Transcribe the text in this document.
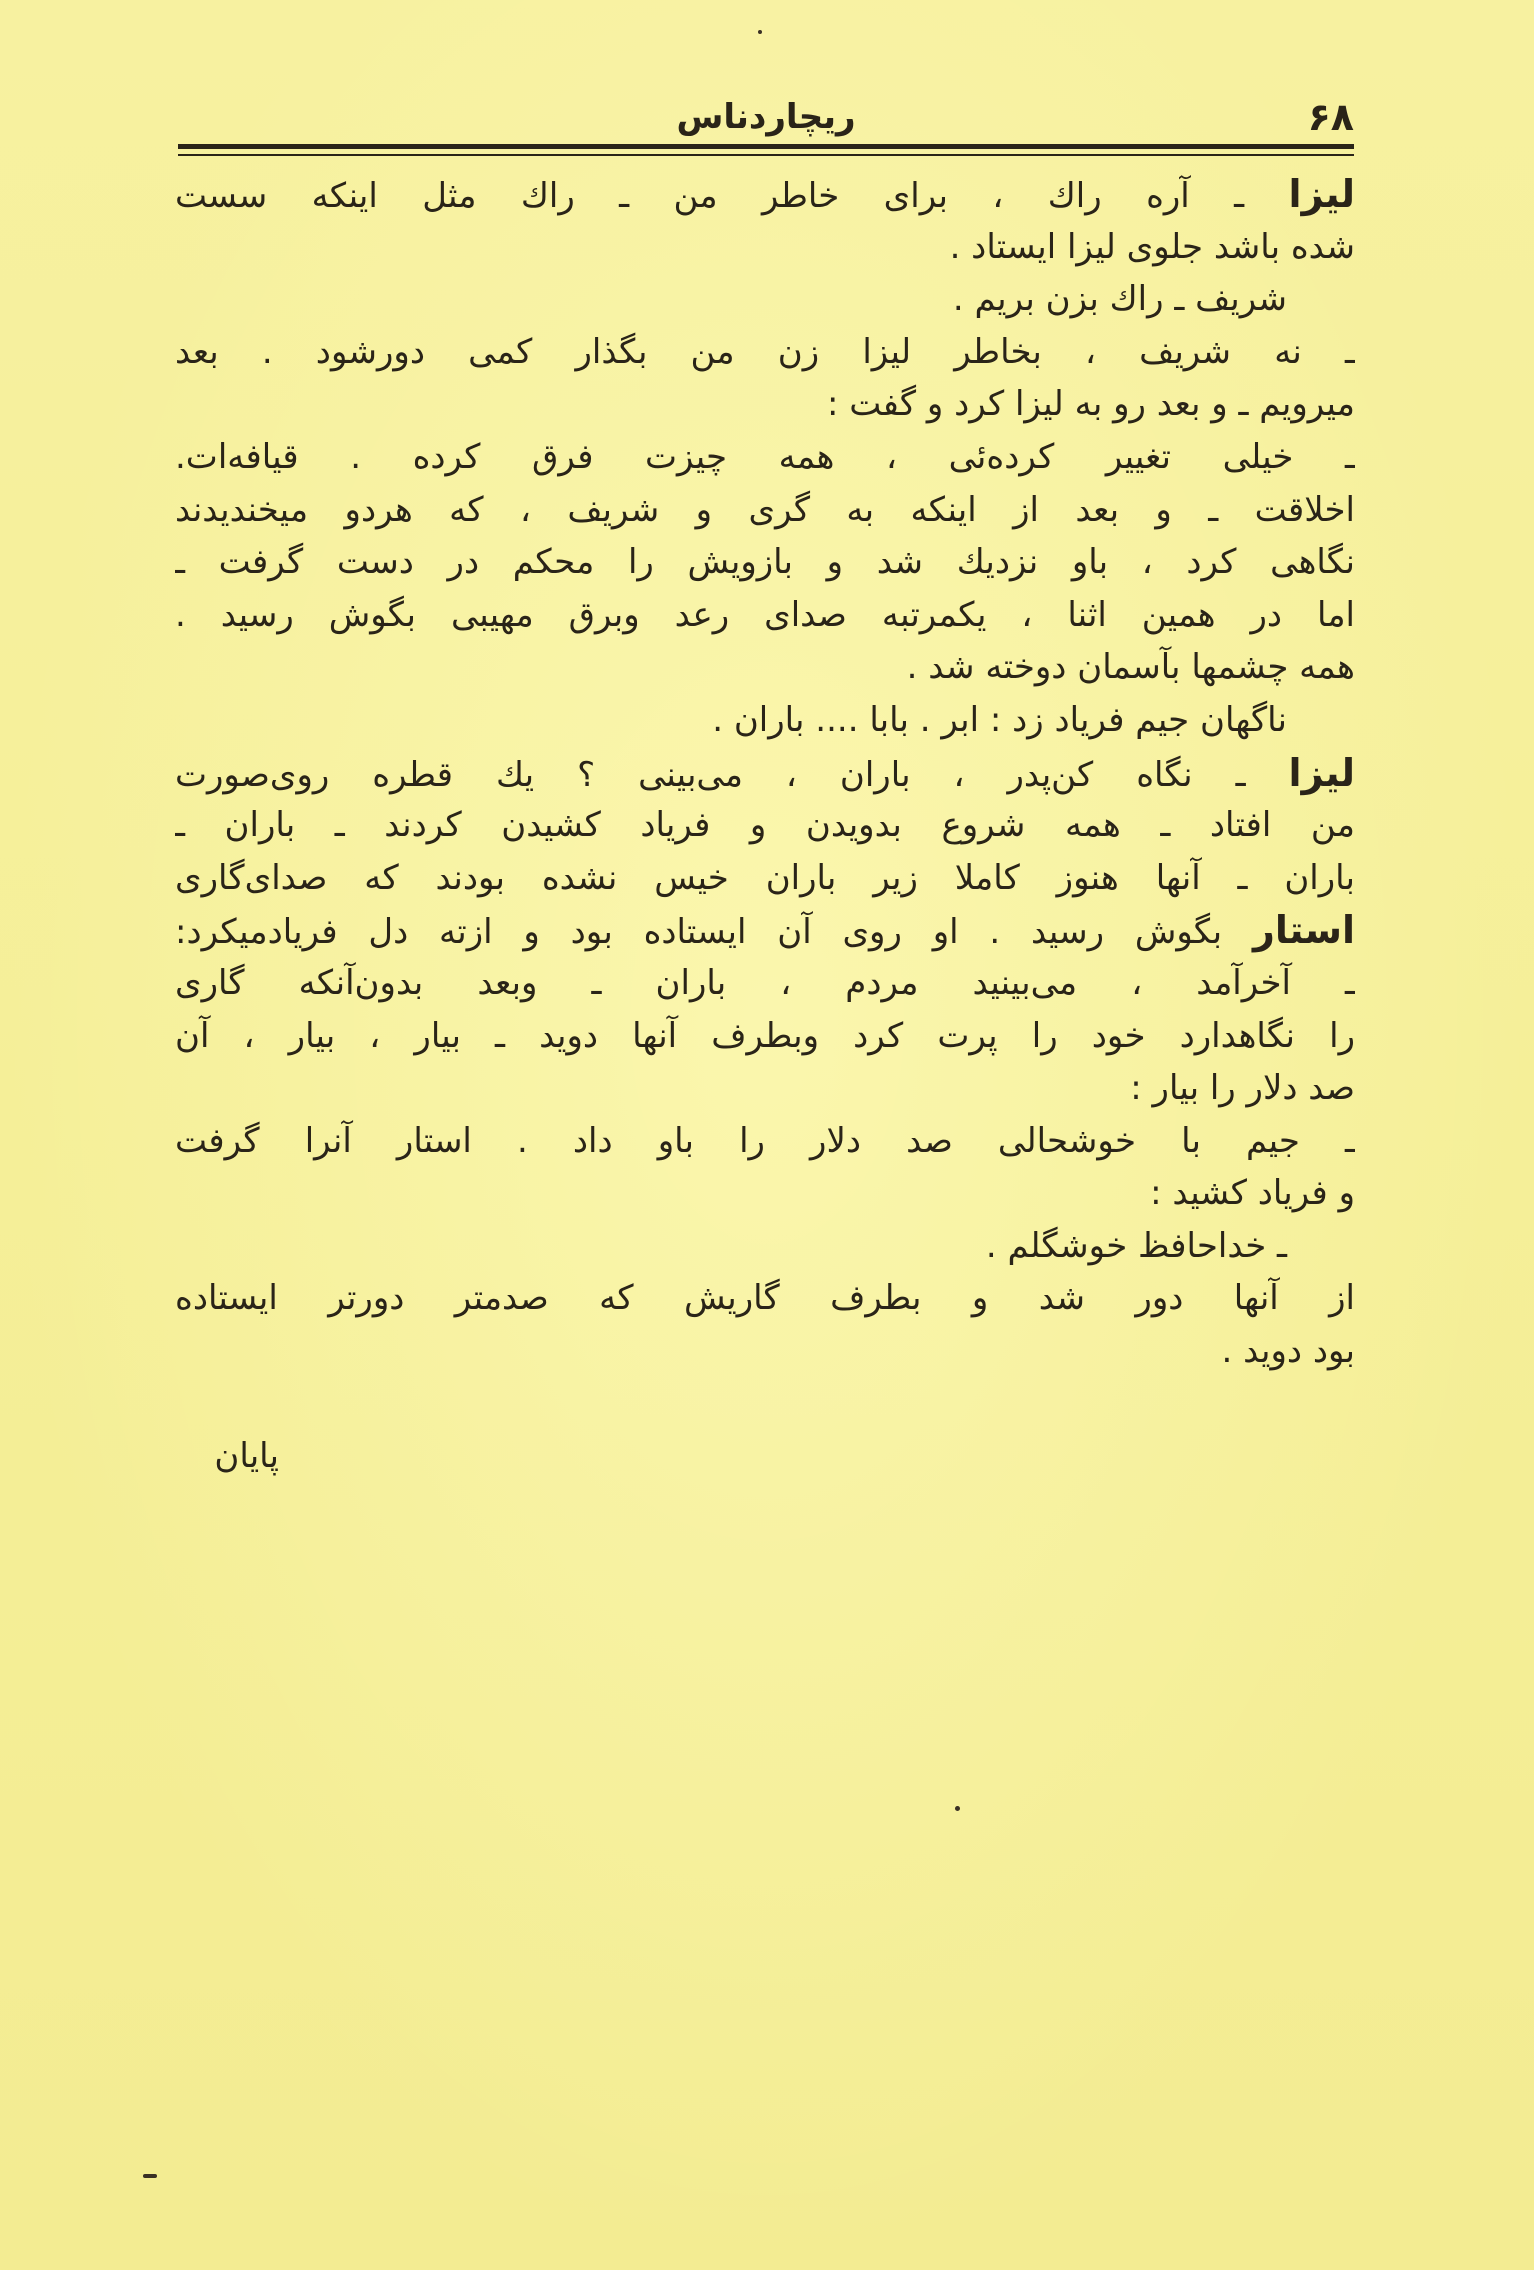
۶۸
ریچاردناس
لیزا ـ آره راك ، برای خاطر من ـ راك مثل اینکه سست
شده باشد جلوی لیزا ایستاد .
شریف ـ راك بزن بریم .
ـ نه شریف ، بخاطر لیزا زن من بگذار کمی دورشود . بعد
میرویم ـ و بعد رو به لیزا کرد و گفت :
ـ خیلی تغییر کرده‌ئی ، همه چیزت فرق کرده . قیافه‌ات.
اخلاقت ـ و بعد از اینکه به گری و شریف ، که هردو میخندیدند
نگاهی کرد ، باو نزدیك شد و بازویش را محکم در دست گرفت ـ
اما در همین اثنا ، یکمرتبه صدای رعد وبرق مهیبی بگوش رسید .
همه چشمها بآسمان دوخته شد .
ناگهان جیم فریاد زد : ابر . بابا .... باران .
لیزا ـ نگاه کن‌پدر ، باران ، می‌بینی ؟ یك قطره روی‌صورت
من افتاد ـ همه شروع بدویدن و فریاد کشیدن کردند ـ باران ـ
باران ـ آنها هنوز کاملا زیر باران خیس نشده بودند که صدای‌گاری
استار بگوش رسید . او روی آن ایستاده بود و ازته دل فریادمیکرد:
ـ آخرآمد ، می‌بینید مردم ، باران ـ وبعد بدون‌آنکه گاری
را نگاهدارد خود را پرت کرد وبطرف آنها دوید ـ بیار ، بیار ، آن
صد دلار را بیار :
ـ جیم با خوشحالی صد دلار را باو داد . استار آنرا گرفت
و فریاد کشید :
ـ خداحافظ خوشگلم .
از آنها دور شد و بطرف گاریش که صدمتر دورتر ایستاده
بود دوید .
پایان
